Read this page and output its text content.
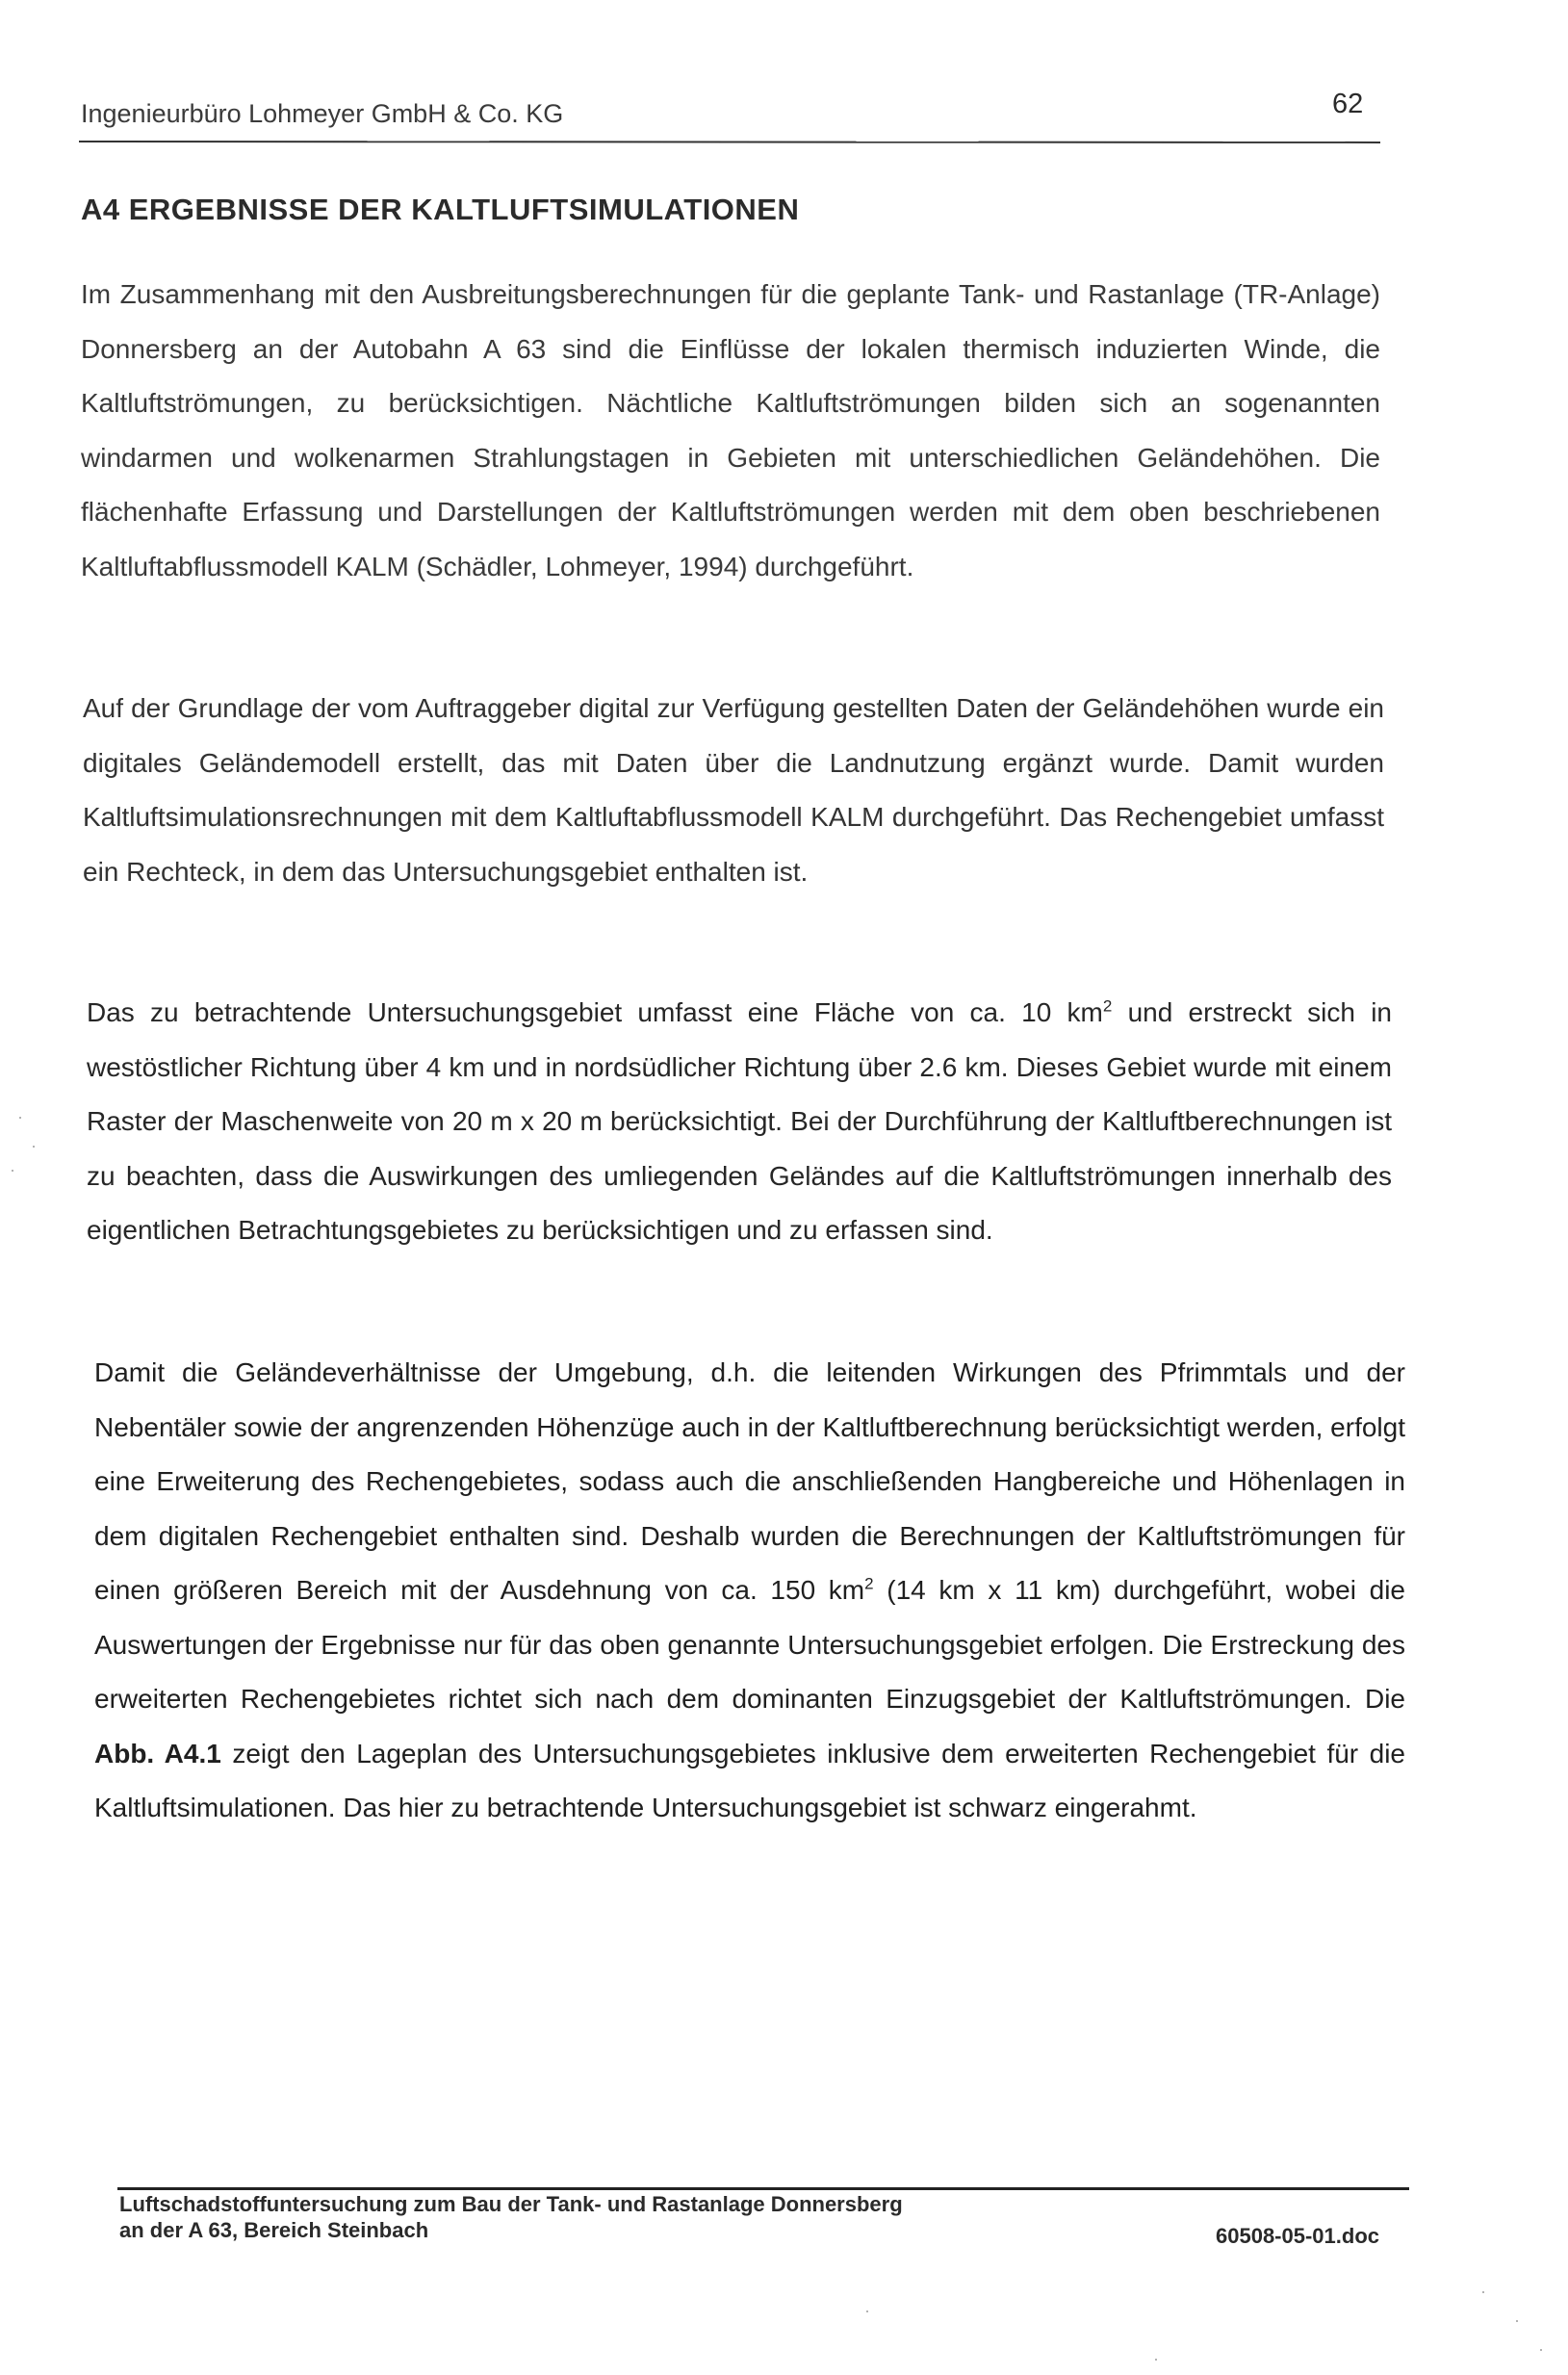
Ingenieurbüro Lohmeyer GmbH & Co. KG	62
A4 ERGEBNISSE DER KALTLUFTSIMULATIONEN

Im Zusammenhang mit den Ausbreitungsberechnungen für die geplante Tank- und Rastanlage (TR-Anlage) Donnersberg an der Autobahn A 63 sind die Einflüsse der lokalen thermisch induzierten Winde, die Kaltluftströmungen, zu berücksichtigen. Nächtliche Kaltluftströmungen bilden sich an sogenannten windarmen und wolkenarmen Strahlungstagen in Gebieten mit unterschiedlichen Geländehöhen. Die flächenhafte Erfassung und Darstellungen der Kaltluftströmungen werden mit dem oben beschriebenen Kaltluftabflussmodell KALM (Schädler, Lohmeyer, 1994) durchgeführt.

Auf der Grundlage der vom Auftraggeber digital zur Verfügung gestellten Daten der Geländehöhen wurde ein digitales Geländemodell erstellt, das mit Daten über die Landnutzung ergänzt wurde. Damit wurden Kaltluftsimulationsrechnungen mit dem Kaltluftabflussmodell KALM durchgeführt. Das Rechengebiet umfasst ein Rechteck, in dem das Untersuchungsgebiet enthalten ist.

Das zu betrachtende Untersuchungsgebiet umfasst eine Fläche von ca. 10 $km^2$ und erstreckt sich in westöstlicher Richtung über 4 km und in nordsüdlicher Richtung über 2.6 km. Dieses Gebiet wurde mit einem Raster der Maschenweite von 20 m x 20 m berücksichtigt. Bei der Durchführung der Kaltluftberechnungen ist zu beachten, dass die Auswirkungen des umliegenden Geländes auf die Kaltluftströmungen innerhalb des eigentlichen Betrachtungsgebietes zu berücksichtigen und zu erfassen sind.

Damit die Geländeverhältnisse der Umgebung, d.h. die leitenden Wirkungen des Pfrimmtals und der Nebentäler sowie der angrenzenden Höhenzüge auch in der Kaltluftberechnung berücksichtigt werden, erfolgt eine Erweiterung des Rechengebietes, sodass auch die anschließenden Hangbereiche und Höhenlagen in dem digitalen Rechengebiet enthalten sind. Deshalb wurden die Berechnungen der Kaltluftströmungen für einen größeren Bereich mit der Ausdehnung von ca. 150 $km^2$ (14 km x 11 km) durchgeführt, wobei die Auswertungen der Ergebnisse nur für das oben genannte Untersuchungsgebiet erfolgen. Die Erstreckung des erweiterten Rechengebietes richtet sich nach dem dominanten Einzugsgebiet der Kaltluftströmungen. Die Abb. A4.1 zeigt den Lageplan des Untersuchungsgebietes inklusive dem erweiterten Rechengebiet für die Kaltluftsimulationen. Das hier zu betrachtende Untersuchungsgebiet ist schwarz eingerahmt.

Luftschadstoffuntersuchung zum Bau der Tank- und Rastanlage Donnersberg
an der A 63, Bereich Steinbach	60508-05-01.doc
